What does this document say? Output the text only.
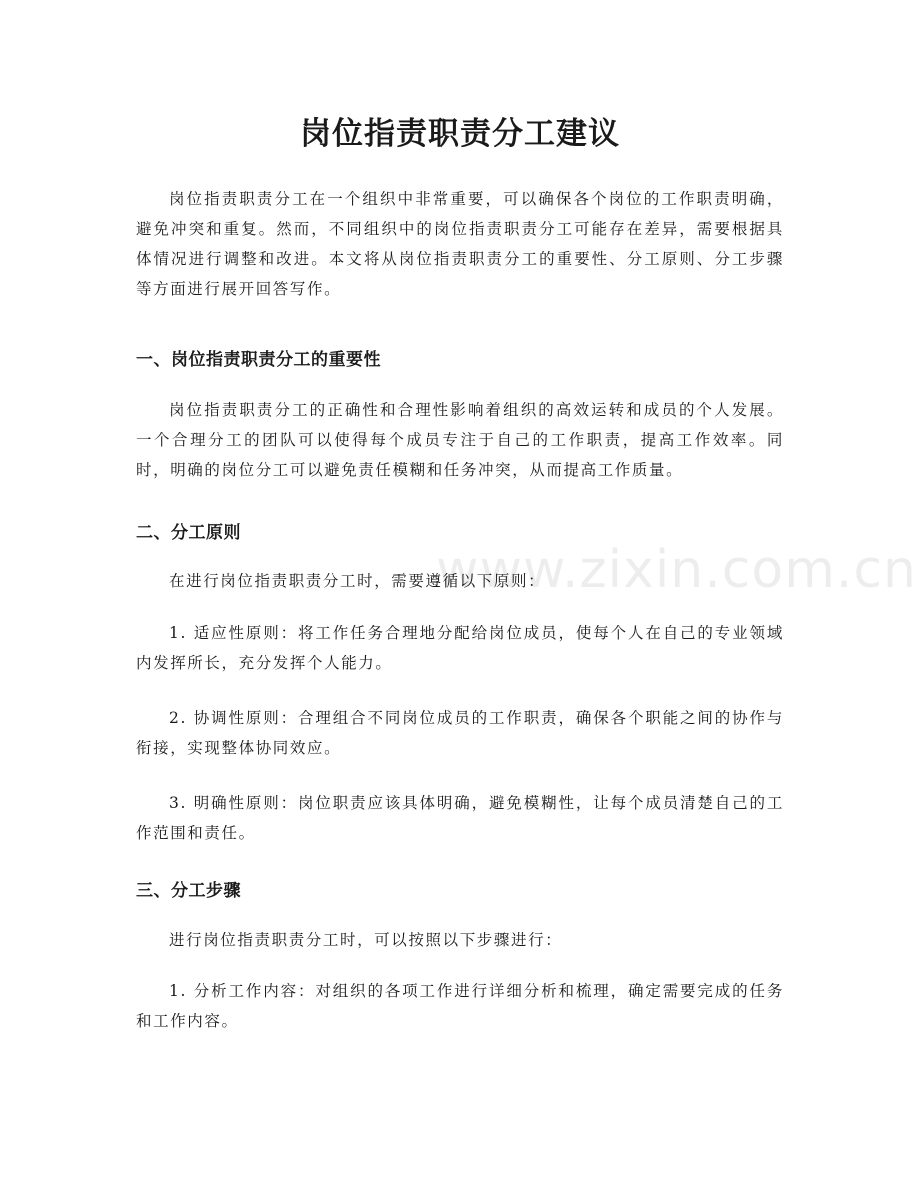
www.zixin.com.cn
岗位指责职责分工建议

岗位指责职责分工在一个组织中非常重要，可以确保各个岗位的工作职责明确，避免冲突和重复。然而，不同组织中的岗位指责职责分工可能存在差异，需要根据具体情况进行调整和改进。本文将从岗位指责职责分工的重要性、分工原则、分工步骤等方面进行展开回答写作。

一、岗位指责职责分工的重要性

岗位指责职责分工的正确性和合理性影响着组织的高效运转和成员的个人发展。一个合理分工的团队可以使得每个成员专注于自己的工作职责，提高工作效率。同时，明确的岗位分工可以避免责任模糊和任务冲突，从而提高工作质量。

二、分工原则

在进行岗位指责职责分工时，需要遵循以下原则：

1. 适应性原则：将工作任务合理地分配给岗位成员，使每个人在自己的专业领域内发挥所长，充分发挥个人能力。

2. 协调性原则：合理组合不同岗位成员的工作职责，确保各个职能之间的协作与衔接，实现整体协同效应。

3. 明确性原则：岗位职责应该具体明确，避免模糊性，让每个成员清楚自己的工作范围和责任。

三、分工步骤

进行岗位指责职责分工时，可以按照以下步骤进行：

1. 分析工作内容：对组织的各项工作进行详细分析和梳理，确定需要完成的任务和工作内容。
